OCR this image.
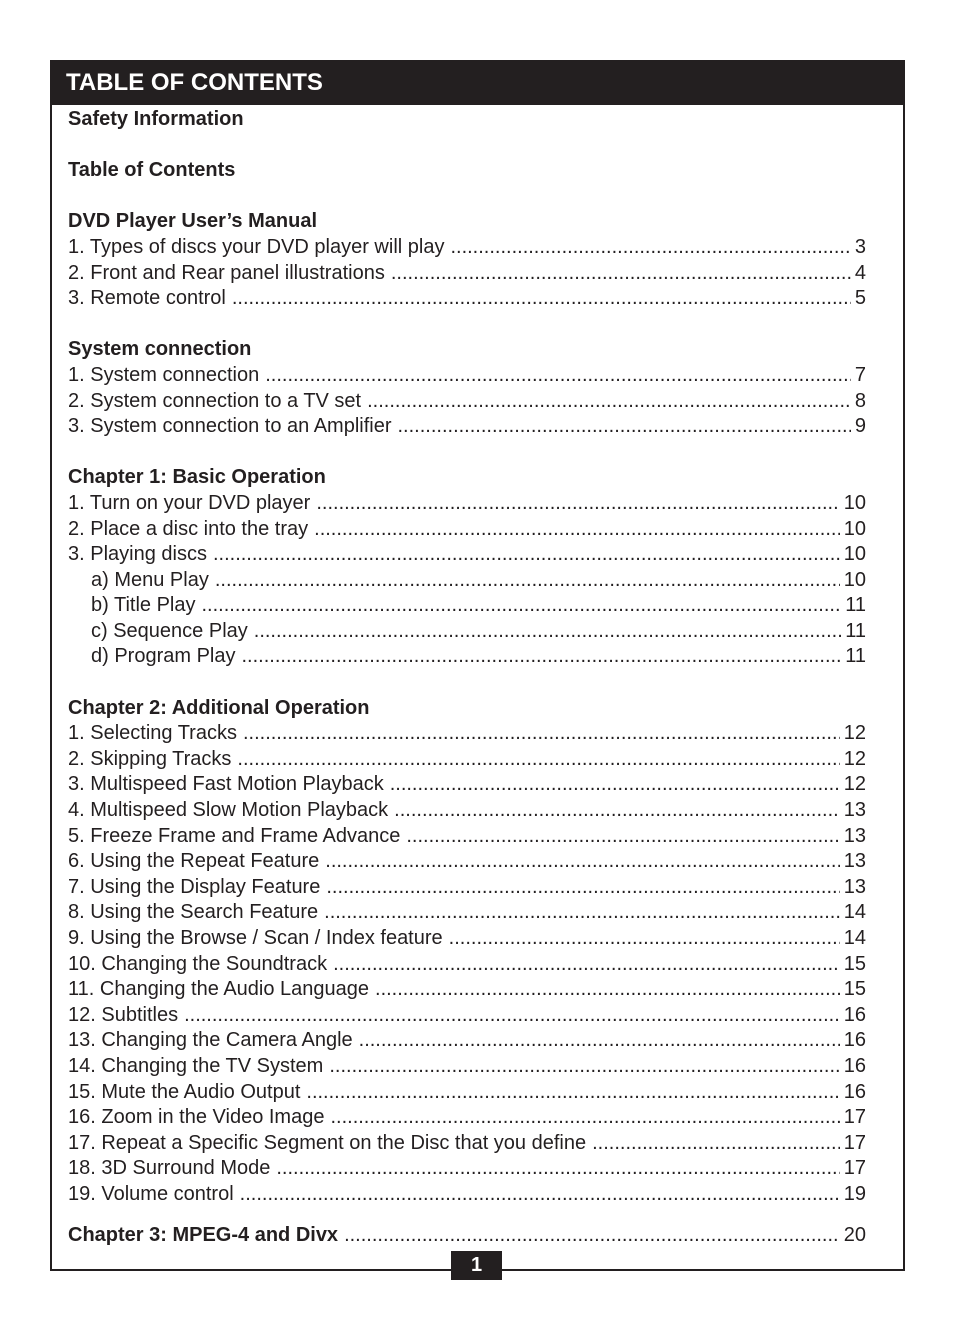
TABLE OF CONTENTS
Safety Information
Table of Contents
DVD Player User’s Manual
1. Types of discs your DVD player will play .....	3
2. Front and Rear panel illustrations .....	4
3. Remote control .....	5
System connection
1. System connection .....	7
2. System connection to a TV set .....	8
3. System connection to an Amplifier .....	9
Chapter 1: Basic Operation
1. Turn on your DVD player .....	10
2. Place a disc into the tray .....	10
3. Playing discs .....	10
a) Menu Play .....	10
b) Title Play .....	11
c) Sequence Play .....	11
d) Program Play .....	11
Chapter 2: Additional Operation
1. Selecting Tracks .....	12
2. Skipping Tracks .....	12
3. Multispeed Fast Motion Playback .....	12
4. Multispeed Slow Motion Playback .....	13
5. Freeze Frame and Frame Advance .....	13
6. Using the Repeat Feature .....	13
7. Using the Display Feature .....	13
8. Using the Search Feature .....	14
9. Using the Browse / Scan / Index feature .....	14
10. Changing the Soundtrack .....	15
11. Changing the Audio Language .....	15
12. Subtitles .....	16
13. Changing the Camera Angle .....	16
14. Changing the TV System .....	16
15. Mute the Audio Output .....	16
16. Zoom in the Video Image .....	17
17. Repeat a Specific Segment on the Disc that you define .....	17
18. 3D Surround Mode .....	17
19. Volume control .....	19
Chapter 3: MPEG-4 and Divx .....	20
1
